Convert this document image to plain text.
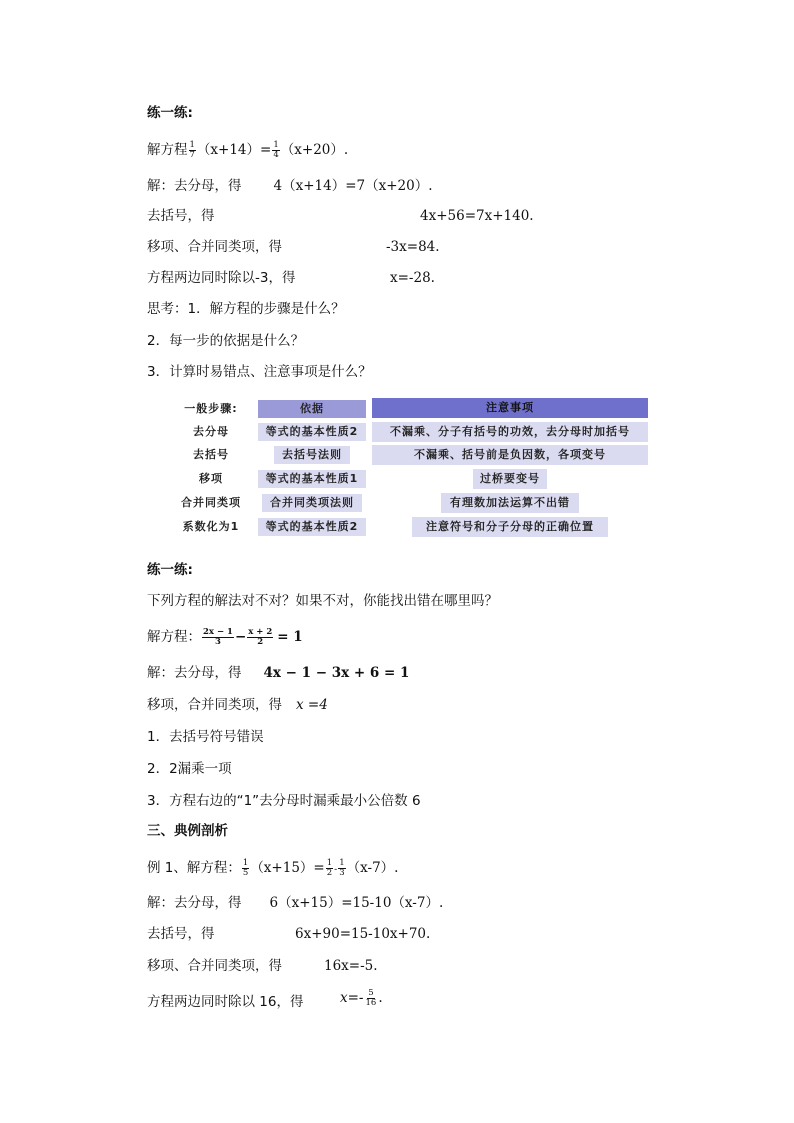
练一练:
解方程 $\frac{1}{7} (x+14)= \frac{1}{4} (x+20)$.
解：去分母，得 4（x+14）=7（x+20）.
去括号，得	4x+56=7x+140.
移项、合并同类项，得	-3x=84.
方程两边同时除以-3，得	x=-28.
思考：1．解方程的步骤是什么？
2．每一步的依据是什么？
3．计算时易错点、注意事项是什么？
一般步骤:	依据	注意事项
去分母	等式的基本性质2	不漏乘、分子有括号的功效，去分母时加括号
去括号	去括号法则	不漏乘、括号前是负因数，各项变号
移项	等式的基本性质1	过桥要变号
合并同类项	合并同类项法则	有理数加法运算不出错
系数化为1	等式的基本性质2	注意符号和分子分母的正确位置
练一练:
下列方程的解法对不对？如果不对，你能找出错在哪里吗？
解方程： $\frac{2x - 1}{3} - \frac{x + 2}{2} = 1$
解：去分母，得 4x − 1 − 3x + 6 = 1
移项，合并同类项，得 x =4
1．去括号符号错误
2．2漏乘一项
3．方程右边的“1”去分母时漏乘最小公倍数 6
三、典例剖析
例 1、解方程： $\frac{1}{5} (x+15)= \frac{1}{2} - \frac{1}{3} (x-7)$.
解：去分母，得 6（x+15）=15-10（x-7）.
去括号，得	6x+90=15-10x+70.
移项、合并同类项，得	16x=-5.
方程两边同时除以 16，得	$x=- \frac{5}{16}$ .
